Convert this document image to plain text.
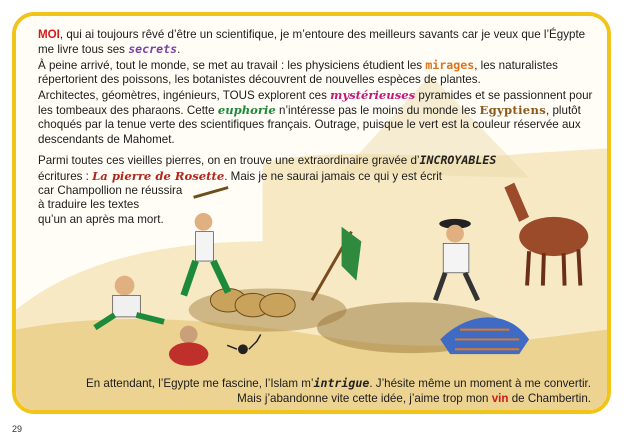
MOI, qui ai toujours rêvé d’être un scientifique, je m’entoure des meilleurs savants car je veux que l’Égypte me livre tous ses secrets.
À peine arrivé, tout le monde, se met au travail : les physiciens étudient les mirages, les naturalistes répertorient des poissons, les botanistes découvrent de nouvelles espèces de plantes.
Architectes, géomètres, ingénieurs, TOUS explorent ces mystérieuses pyramides et se passionnent pour les tombeaux des pharaons. Cette euphorie n’intéresse pas le moins du monde les Egyptiens, plutôt choqués par la tenue verte des scientifiques français. Outrage, puisque le vert est la couleur réservée aux descendants de Mahomet.

Parmi toutes ces vieilles pierres, on en trouve une extraordinaire gravée d’INCROYABLES
écritures : La pierre de Rosette. Mais je ne saurai jamais ce qui y est écrit
car Champollion ne réussira
à traduire les textes
qu’un an après ma mort.

En attendant, l’Egypte me fascine, l’Islam m’intrigue. J’hésite même un moment à me convertir.

Mais j’abandonne vite cette idée, j’aime trop mon vin de Chambertin.

29
